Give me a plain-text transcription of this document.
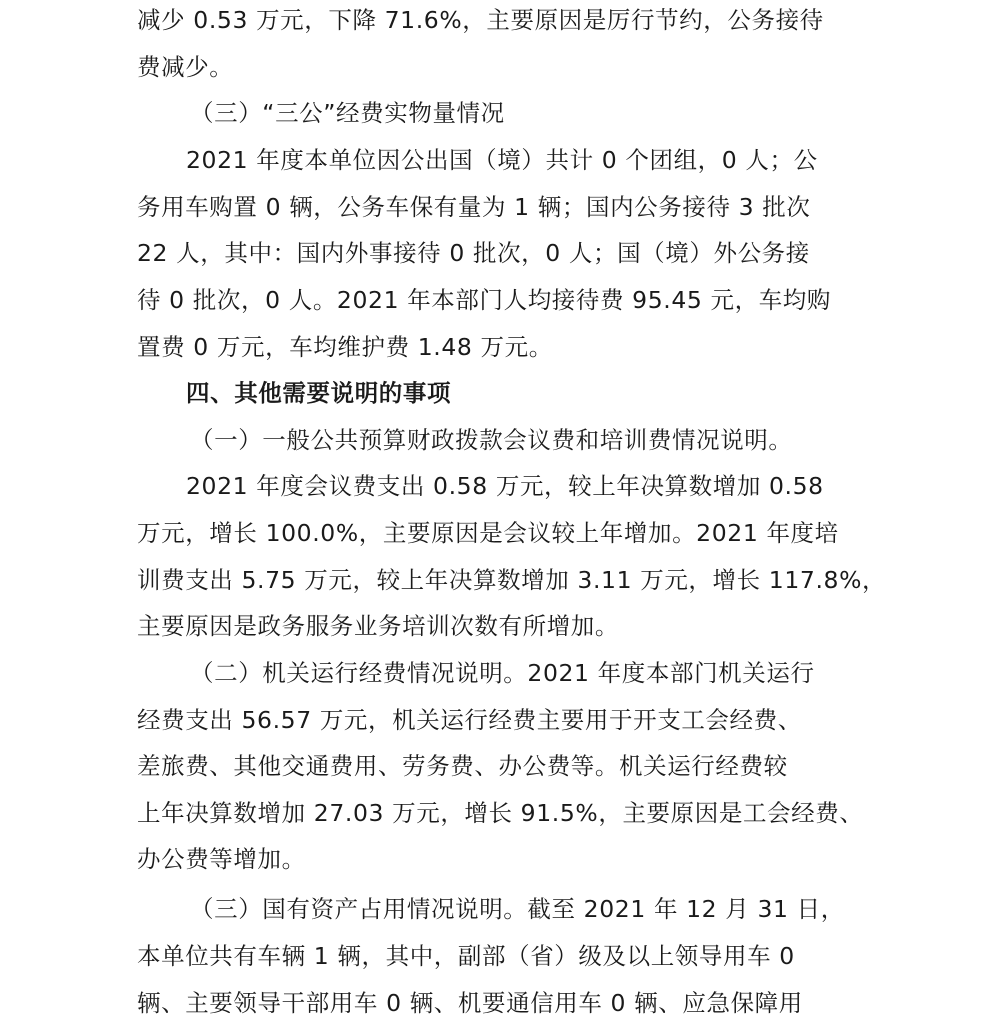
减少 0.53 万元，下降 71.6%，主要原因是厉行节约，公务接待
费减少。
（三）“三公”经费实物量情况
2021 年度本单位因公出国（境）共计 0 个团组，0 人；公
务用车购置 0 辆，公务车保有量为 1 辆；国内公务接待 3 批次
22 人，其中：国内外事接待 0 批次，0 人；国（境）外公务接
待 0 批次，0 人。2021 年本部门人均接待费 95.45 元，车均购
置费 0 万元，车均维护费 1.48 万元。
四、其他需要说明的事项
（一）一般公共预算财政拨款会议费和培训费情况说明。
2021 年度会议费支出 0.58 万元，较上年决算数增加 0.58
万元，增长 100.0%，主要原因是会议较上年增加。2021 年度培
训费支出 5.75 万元，较上年决算数增加 3.11 万元，增长 117.8%，
主要原因是政务服务业务培训次数有所增加。
（二）机关运行经费情况说明。2021 年度本部门机关运行
经费支出 56.57 万元，机关运行经费主要用于开支工会经费、
差旅费、其他交通费用、劳务费、办公费等。机关运行经费较
上年决算数增加 27.03 万元，增长 91.5%，主要原因是工会经费、
办公费等增加。
（三）国有资产占用情况说明。截至 2021 年 12 月 31 日，
本单位共有车辆 1 辆，其中，副部（省）级及以上领导用车 0
辆、主要领导干部用车 0 辆、机要通信用车 0 辆、应急保障用
